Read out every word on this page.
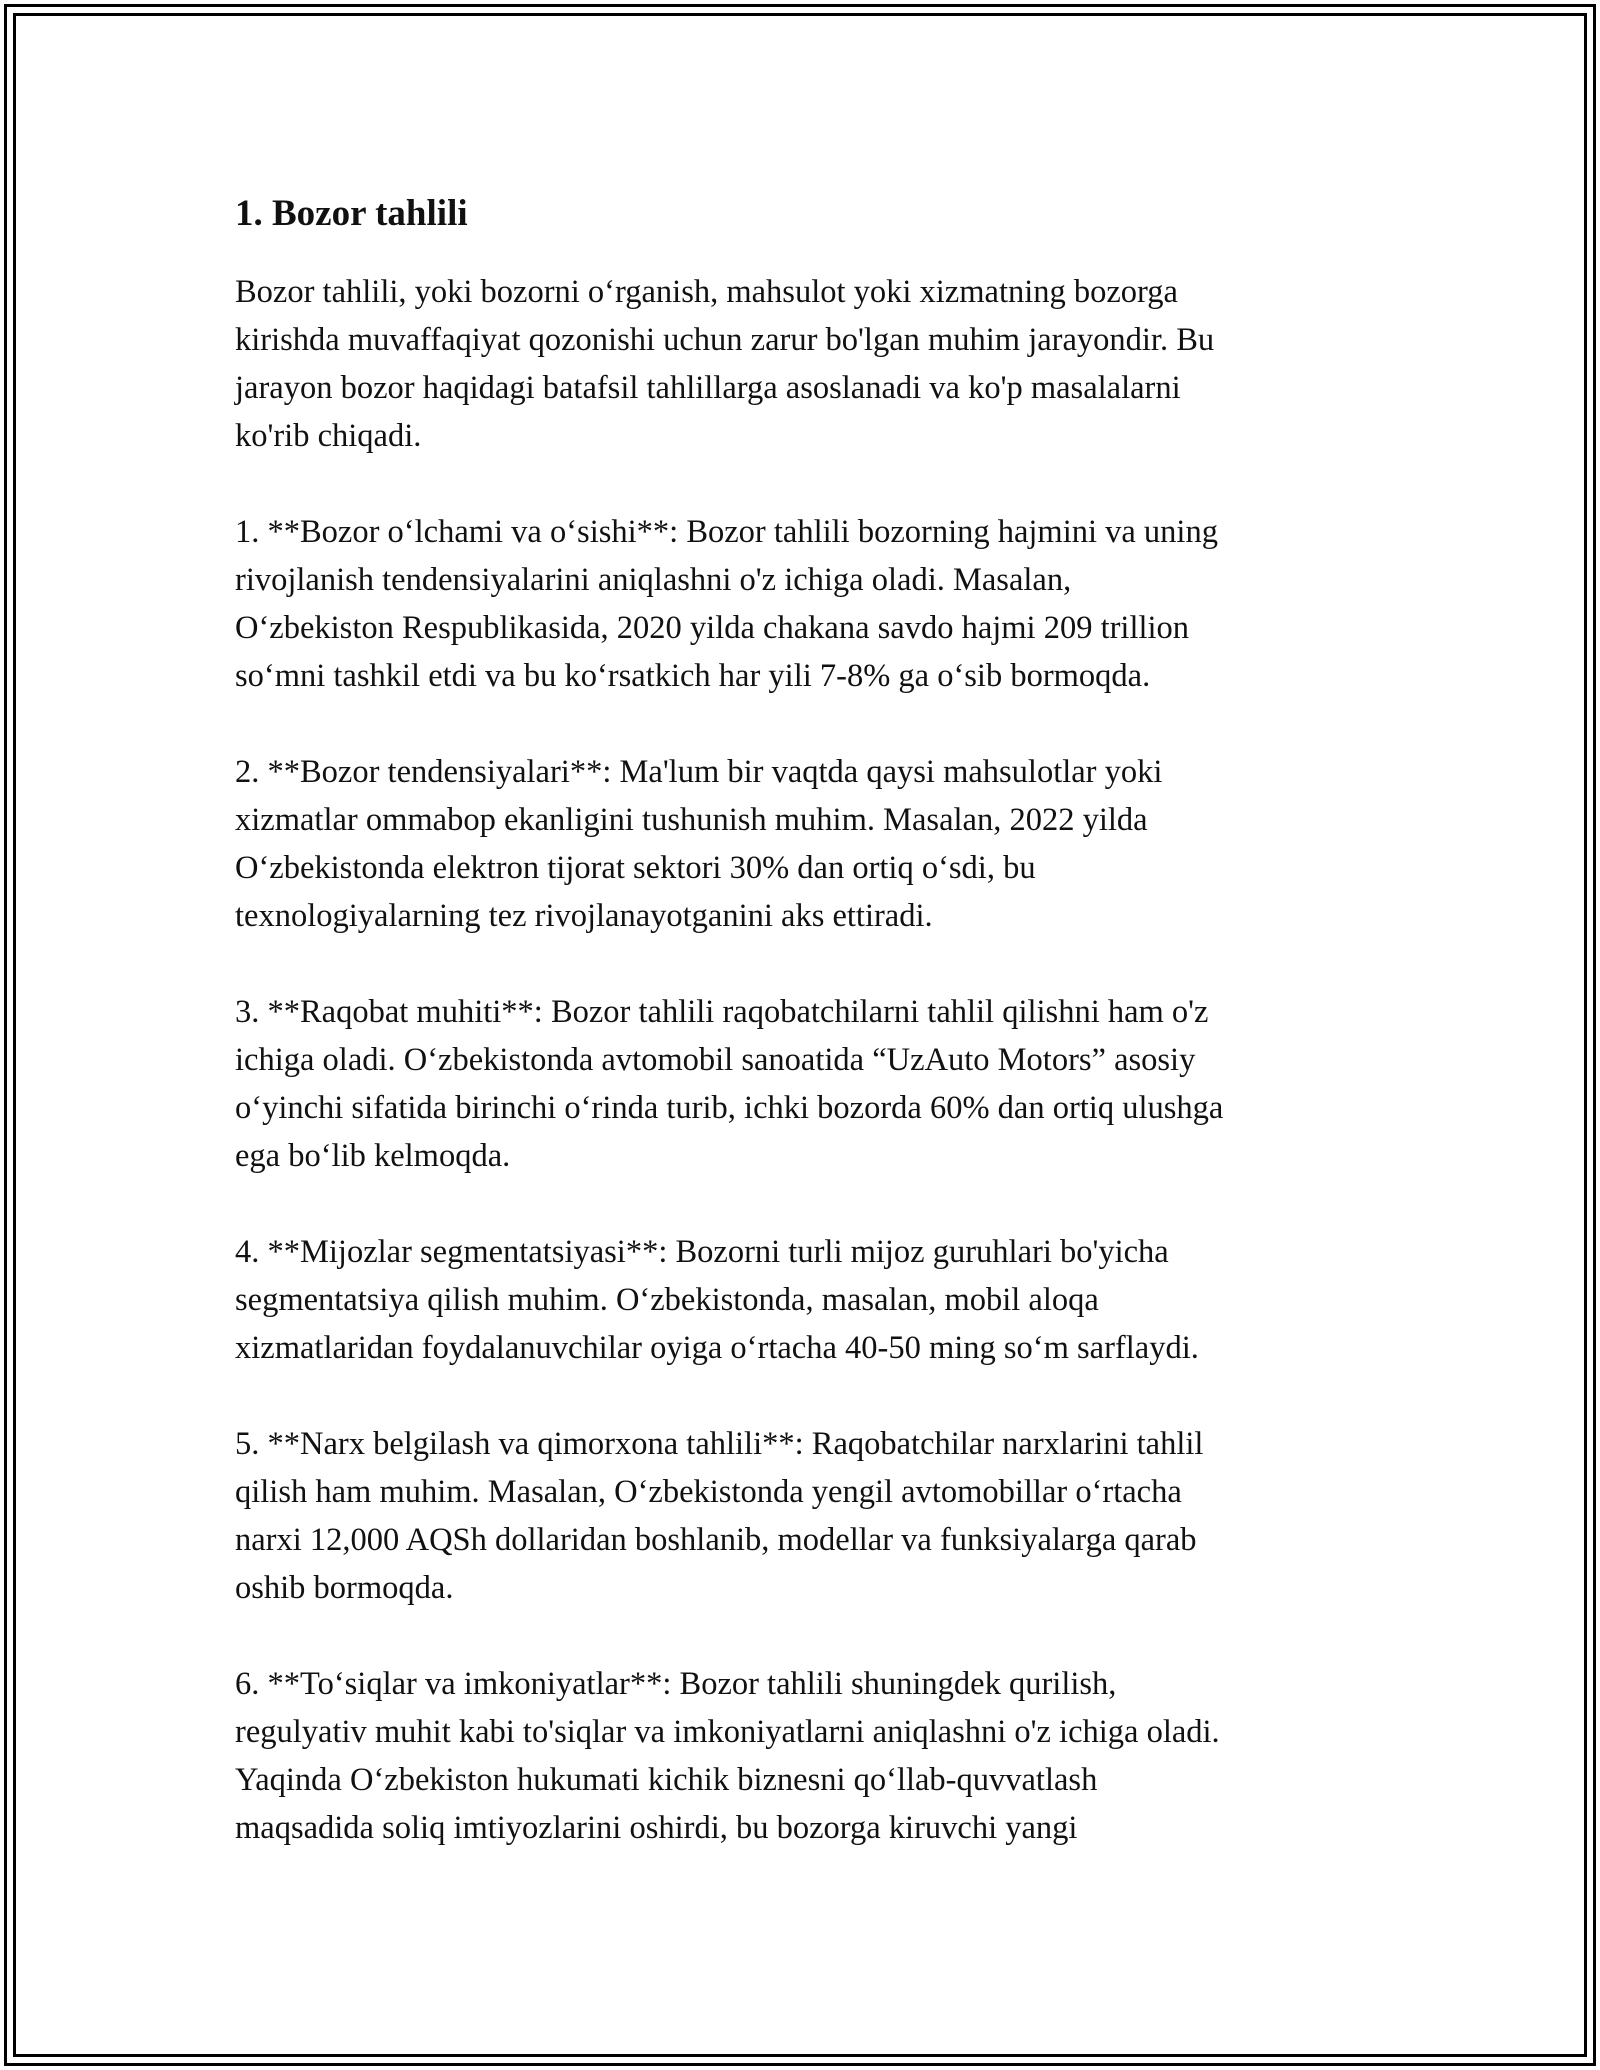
1. Bozor tahlili
Bozor tahlili, yoki bozorni o‘rganish, mahsulot yoki xizmatning bozorga
kirishda muvaffaqiyat qozonishi uchun zarur bo'lgan muhim jarayondir. Bu
jarayon bozor haqidagi batafsil tahlillarga asoslanadi va ko'p masalalarni
ko'rib chiqadi.
1. **Bozor o‘lchami va o‘sishi**: Bozor tahlili bozorning hajmini va uning
rivojlanish tendensiyalarini aniqlashni o'z ichiga oladi. Masalan,
O‘zbekiston Respublikasida, 2020 yilda chakana savdo hajmi 209 trillion
so‘mni tashkil etdi va bu ko‘rsatkich har yili 7-8% ga o‘sib bormoqda.
2. **Bozor tendensiyalari**: Ma'lum bir vaqtda qaysi mahsulotlar yoki
xizmatlar ommabop ekanligini tushunish muhim. Masalan, 2022 yilda
O‘zbekistonda elektron tijorat sektori 30% dan ortiq o‘sdi, bu
texnologiyalarning tez rivojlanayotganini aks ettiradi.
3. **Raqobat muhiti**: Bozor tahlili raqobatchilarni tahlil qilishni ham o'z
ichiga oladi. O‘zbekistonda avtomobil sanoatida “UzAuto Motors” asosiy
o‘yinchi sifatida birinchi o‘rinda turib, ichki bozorda 60% dan ortiq ulushga
ega bo‘lib kelmoqda.
4. **Mijozlar segmentatsiyasi**: Bozorni turli mijoz guruhlari bo'yicha
segmentatsiya qilish muhim. O‘zbekistonda, masalan, mobil aloqa
xizmatlaridan foydalanuvchilar oyiga o‘rtacha 40-50 ming so‘m sarflaydi.
5. **Narx belgilash va qimorxona tahlili**: Raqobatchilar narxlarini tahlil
qilish ham muhim. Masalan, O‘zbekistonda yengil avtomobillar o‘rtacha
narxi 12,000 AQSh dollaridan boshlanib, modellar va funksiyalarga qarab
oshib bormoqda.
6. **To‘siqlar va imkoniyatlar**: Bozor tahlili shuningdek qurilish,
regulyativ muhit kabi to'siqlar va imkoniyatlarni aniqlashni o'z ichiga oladi.
Yaqinda O‘zbekiston hukumati kichik biznesni qo‘llab-quvvatlash
maqsadida soliq imtiyozlarini oshirdi, bu bozorga kiruvchi yangi
